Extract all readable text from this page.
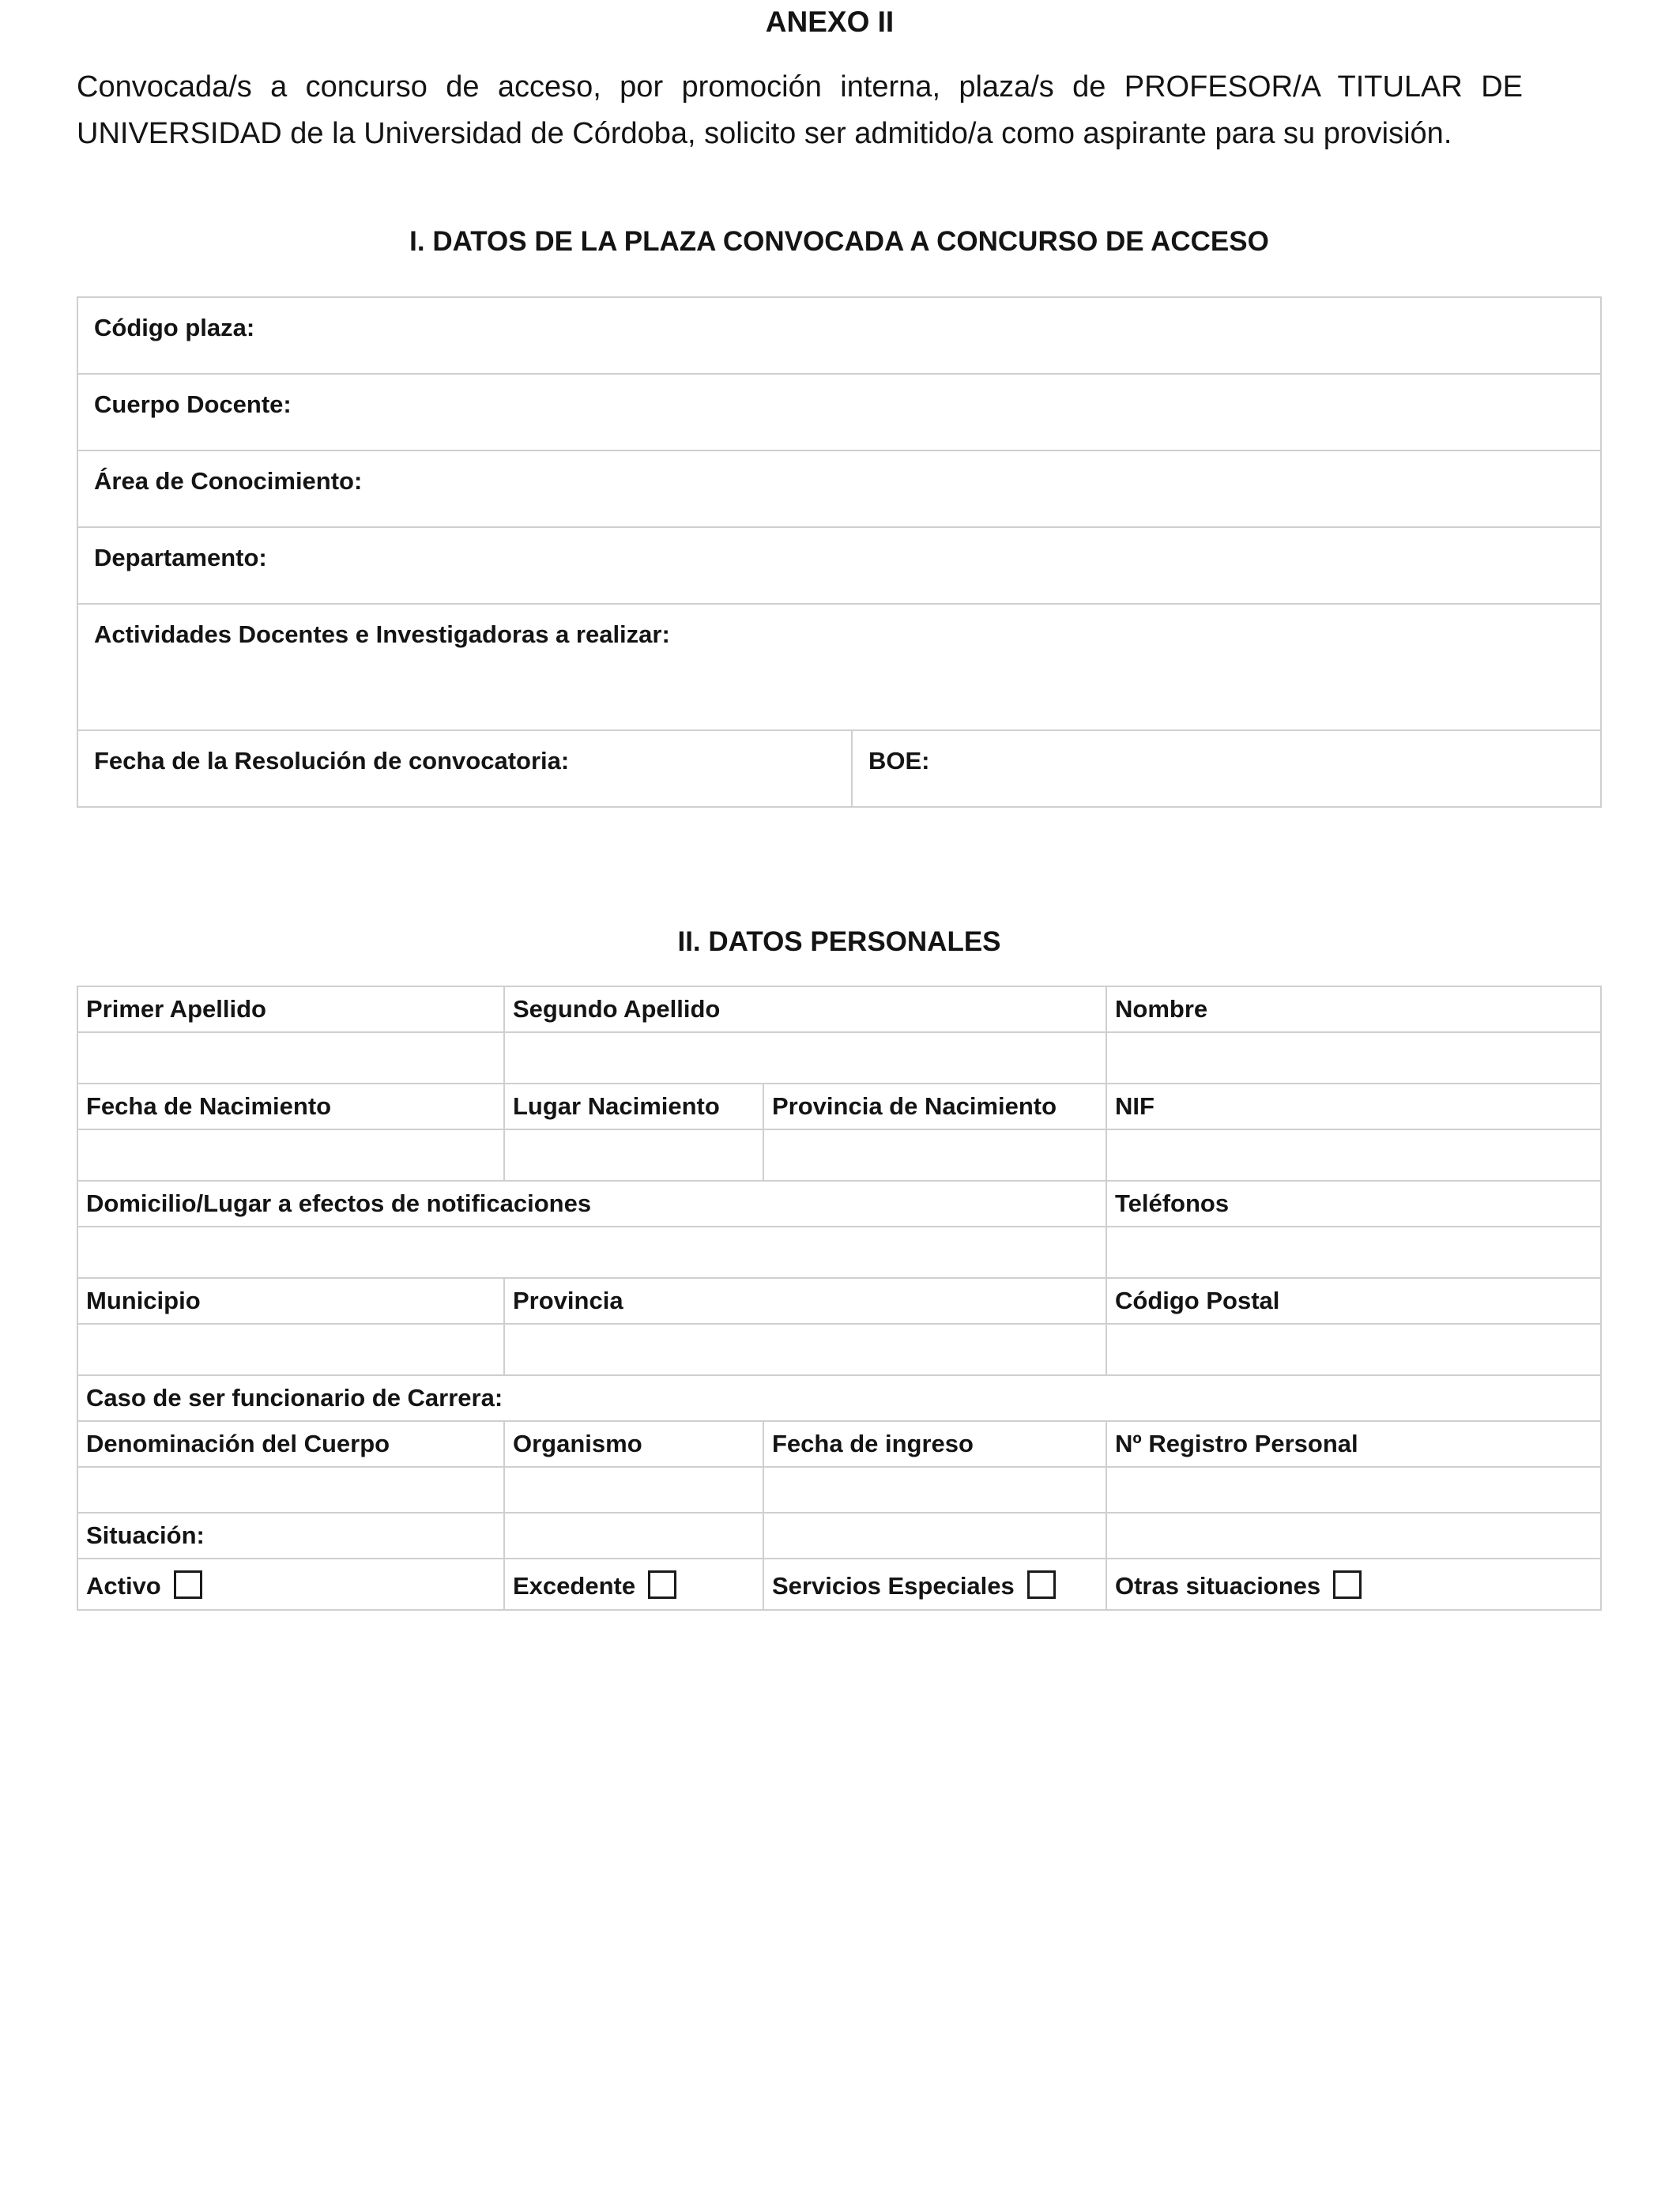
ANEXO II

Convocada/s a concurso de acceso, por promoción interna, plaza/s de PROFESOR/A TITULAR DE UNIVERSIDAD de la Universidad de Córdoba, solicito ser admitido/a como aspirante para su provisión.

I. DATOS DE LA PLAZA CONVOCADA A CONCURSO DE ACCESO
Código plaza:
Cuerpo Docente:
Área de Conocimiento:
Departamento:
Actividades Docentes e Investigadoras a realizar:
Fecha de la Resolución de convocatoria:	BOE:
II. DATOS PERSONALES
Primer Apellido	Segundo Apellido		Nombre

Fecha de Nacimiento	Lugar Nacimiento	Provincia de Nacimiento	NIF

Domicilio/Lugar a efectos de notificaciones			Teléfonos

Municipio	Provincia		Código Postal

Caso de ser funcionario de Carrera:			
Denominación del Cuerpo	Organismo	Fecha de ingreso	Nº Registro Personal

Situación:			
Activo	Excedente	Servicios Especiales	Otras situaciones
